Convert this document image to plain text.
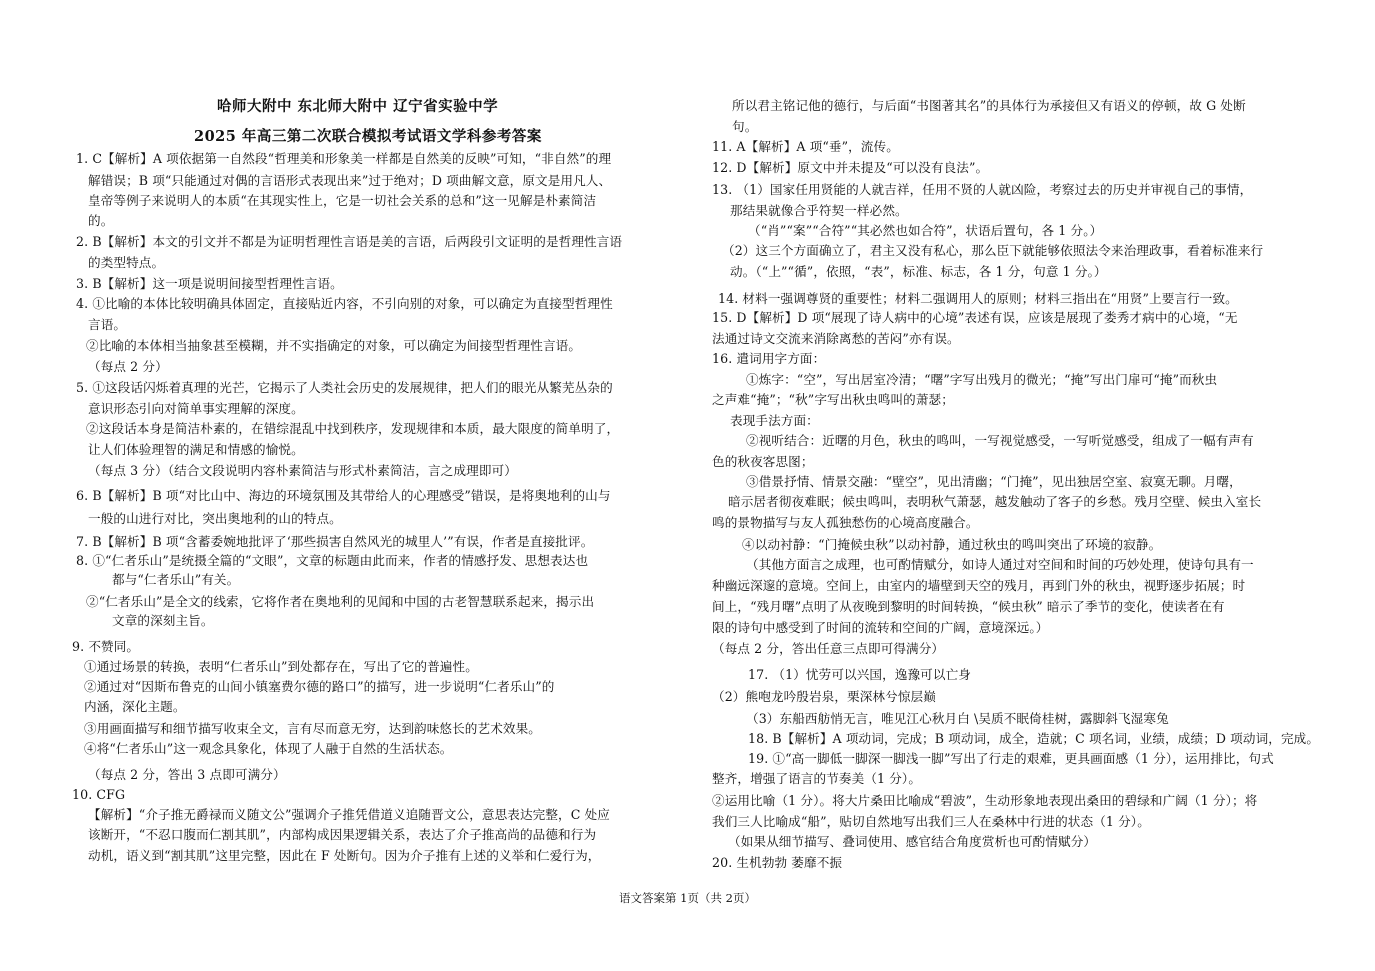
哈师大附中 东北师大附中 辽宁省实验中学
2025 年高三第二次联合模拟考试语文学科参考答案
1. C【解析】A 项依据第一自然段“哲理美和形象美一样都是自然美的反映”可知，“非自然”的理
解错误；B 项“只能通过对偶的言语形式表现出来”过于绝对；D 项曲解文意，原文是用凡人、
皇帝等例子来说明人的本质“在其现实性上，它是一切社会关系的总和”这一见解是朴素简洁
的。
2. B【解析】本文的引文并不都是为证明哲理性言语是美的言语，后两段引文证明的是哲理性言语
的类型特点。
3. B【解析】这一项是说明间接型哲理性言语。
4. ①比喻的本体比较明确具体固定，直接贴近内容，不引向别的对象，可以确定为直接型哲理性
言语。
②比喻的本体相当抽象甚至模糊，并不实指确定的对象，可以确定为间接型哲理性言语。
（每点 2 分）
5. ①这段话闪烁着真理的光芒，它揭示了人类社会历史的发展规律，把人们的眼光从繁芜丛杂的
意识形态引向对简单事实理解的深度。
②这段话本身是简洁朴素的，在错综混乱中找到秩序，发现规律和本质，最大限度的简单明了，
让人们体验理智的满足和情感的愉悦。
（每点 3 分）（结合文段说明内容朴素简洁与形式朴素简洁，言之成理即可）
6. B【解析】B 项“对比山中、海边的环境氛围及其带给人的心理感受”错误，是将奥地利的山与
一般的山进行对比，突出奥地利的山的特点。
7. B【解析】B 项“含蓄委婉地批评了‘那些损害自然风光的城里人’”有误，作者是直接批评。
8. ①“仁者乐山”是统摄全篇的“文眼”，文章的标题由此而来，作者的情感抒发、思想表达也
都与“仁者乐山”有关。
②“仁者乐山”是全文的线索，它将作者在奥地利的见闻和中国的古老智慧联系起来，揭示出
文章的深刻主旨。
9. 不赞同。
①通过场景的转换，表明“仁者乐山”到处都存在，写出了它的普遍性。
②通过对“因斯布鲁克的山间小镇塞费尔德的路口”的描写，进一步说明“仁者乐山”的
内涵，深化主题。
③用画面描写和细节描写收束全文，言有尽而意无穷，达到韵味悠长的艺术效果。
④将“仁者乐山”这一观念具象化，体现了人融于自然的生活状态。
（每点 2 分，答出 3 点即可满分）
10. CFG
【解析】“介子推无爵禄而义随文公”强调介子推凭借道义追随晋文公，意思表达完整，C 处应
该断开，“不忍口腹而仁割其肌”，内部构成因果逻辑关系，表达了介子推高尚的品德和行为
动机，语义到“割其肌”这里完整，因此在 F 处断句。因为介子推有上述的义举和仁爱行为，
所以君主铭记他的德行，与后面“书图著其名”的具体行为承接但又有语义的停顿，故 G 处断
句。
11. A【解析】A 项“垂”，流传。
12. D【解析】原文中并未提及“可以没有良法”。
13. （1）国家任用贤能的人就吉祥，任用不贤的人就凶险，考察过去的历史并审视自己的事情，
那结果就像合乎符契一样必然。
（“肖”“案”“合符”“其必然也如合符”，状语后置句，各 1 分。）
（2）这三个方面确立了，君主又没有私心，那么臣下就能够依照法令来治理政事，看着标准来行
动。（“上”“循”，依照，“表”，标准、标志，各 1 分，句意 1 分。）
14. 材料一强调尊贤的重要性；材料二强调用人的原则；材料三指出在“用贤”上要言行一致。
15. D【解析】D 项“展现了诗人病中的心境”表述有误，应该是展现了娄秀才病中的心境，“无
法通过诗文交流来消除离愁的苦闷”亦有误。
16. 遣词用字方面：
①炼字：“空”，写出居室冷清；“曙”字写出残月的微光；“掩”写出门扉可“掩”而秋虫
之声难“掩”；“秋”字写出秋虫鸣叫的萧瑟；
表现手法方面：
②视听结合：近曙的月色，秋虫的鸣叫，一写视觉感受，一写听觉感受，组成了一幅有声有
色的秋夜客思图；
③借景抒情、情景交融：“壁空”，见出清幽；“门掩”，见出独居空室、寂寞无聊。月曙，
暗示居者彻夜难眠；候虫鸣叫，表明秋气萧瑟，越发触动了客子的乡愁。残月空壁、候虫入室长
鸣的景物描写与友人孤独愁伤的心境高度融合。
④以动衬静：“门掩候虫秋”以动衬静，通过秋虫的鸣叫突出了环境的寂静。
（其他方面言之成理，也可酌情赋分，如诗人通过对空间和时间的巧妙处理，使诗句具有一
种幽远深邃的意境。空间上，由室内的墙壁到天空的残月，再到门外的秋虫，视野逐步拓展；时
间上，“残月曙”点明了从夜晚到黎明的时间转换，“候虫秋” 暗示了季节的变化，使读者在有
限的诗句中感受到了时间的流转和空间的广阔，意境深远。）
（每点 2 分，答出任意三点即可得满分）
17. （1）忧劳可以兴国，逸豫可以亡身
（2）熊咆龙吟殷岩泉，栗深林兮惊层巅
（3）东船西舫悄无言，唯见江心秋月白 \吴质不眠倚桂树，露脚斜飞湿寒兔
18. B【解析】A 项动词，完成；B 项动词，成全，造就；C 项名词，业绩，成绩；D 项动词，完成。
19. ①“高一脚低一脚深一脚浅一脚”写出了行走的艰难，更具画面感（1 分），运用排比，句式
整齐，增强了语言的节奏美（1 分）。
②运用比喻（1 分）。将大片桑田比喻成“碧波”，生动形象地表现出桑田的碧绿和广阔（1 分）；将
我们三人比喻成“船”，贴切自然地写出我们三人在桑林中行进的状态（1 分）。
（如果从细节描写、叠词使用、感官结合角度赏析也可酌情赋分）
20. 生机勃勃 萎靡不振
语文答案第 1页（共 2页）
